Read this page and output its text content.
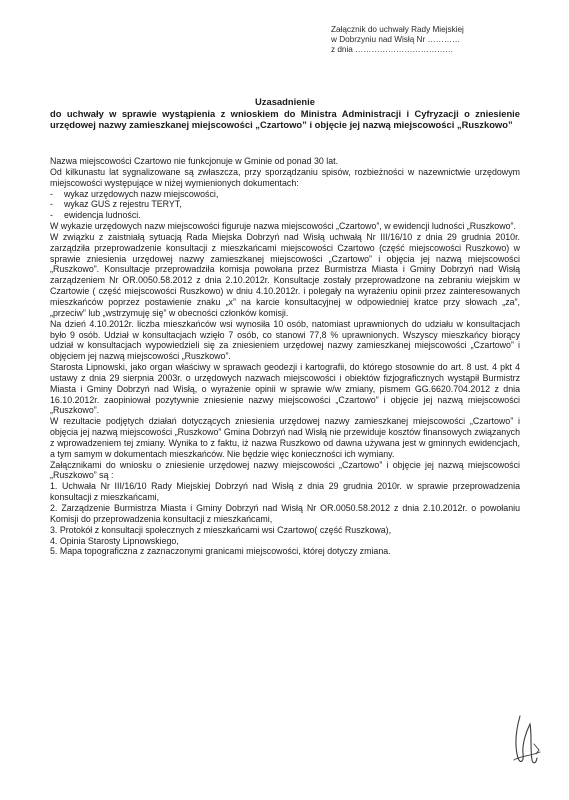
Załącznik do uchwały Rady Miejskiej
w Dobrzyniu nad Wisłą Nr …………
z dnia ………………………………
Uzasadnienie
do uchwały w sprawie wystąpienia z wnioskiem do Ministra Administracji i Cyfryzacji o zniesienie urzędowej nazwy zamieszkanej miejscowości „Czartowo” i objęcie jej nazwą miejscowości „Ruszkowo”

Nazwa miejscowości Czartowo nie funkcjonuje w Gminie od ponad 30 lat.

Od kilkunastu lat sygnalizowane są zwłaszcza, przy sporządzaniu spisów, rozbieżności w nazewnictwie urzędowym miejscowości występujące w niżej wymienionych dokumentach:

-	wykaz urzędowych nazw miejscowości,
-	wykaz GUS z rejestru TERYT,
-	ewidencja ludności.

W wykazie urzędowych nazw miejscowości figuruje nazwa miejscowości „Czartowo”, w ewidencji ludności „Ruszkowo”.

W związku z zaistniałą sytuacją Rada Miejska Dobrzyń nad Wisłą uchwałą Nr III/16/10 z dnia 29 grudnia 2010r. zarządziła przeprowadzenie konsultacji z mieszkańcami miejscowości Czartowo (część miejscowości Ruszkowo) w sprawie zniesienia urzędowej nazwy zamieszkanej miejscowości „Czartowo” i objęcia jej nazwą miejscowości „Ruszkowo”. Konsultacje przeprowadziła komisja powołana przez Burmistrza Miasta i Gminy Dobrzyń nad Wisłą zarządzeniem Nr OR.0050.58.2012 z dnia 2.10.2012r. Konsultacje zostały przeprowadzone na zebraniu wiejskim w Czartowie ( część miejscowości Ruszkowo) w dniu 4.10.2012r. i polegały na wyrażeniu opinii przez zainteresowanych mieszkańców poprzez postawienie znaku „x” na karcie konsultacyjnej w odpowiedniej kratce przy słowach „za”, „przeciw” lub „wstrzymuję się” w obecności członków komisji.

Na dzień 4.10.2012r. liczba mieszkańców wsi wynosiła 10 osób, natomiast uprawnionych do udziału w konsultacjach było 9 osób. Udział w konsultacjach wzięło 7 osób, co stanowi 77,8 % uprawnionych. Wszyscy mieszkańcy biorący udział w konsultacjach wypowiedzieli się za zniesieniem urzędowej nazwy zamieszkanej miejscowości „Czartowo” i objęciem jej nazwą miejscowości „Ruszkowo”.

Starosta Lipnowski, jako organ właściwy w sprawach geodezji i kartografii, do którego stosownie do art. 8 ust. 4 pkt 4 ustawy z dnia 29 sierpnia 2003r. o urzędowych nazwach miejscowości i obiektów fizjograficznych wystąpił Burmistrz Miasta i Gminy Dobrzyń nad Wisłą, o wyrażenie opinii w sprawie w/w zmiany, pismem GG.6620.704.2012 z dnia 16.10.2012r. zaopiniował pozytywnie zniesienie nazwy miejscowości „Czartowo” i objęcie jej nazwą miejscowości „Ruszkowo”.

W rezultacie podjętych działań dotyczących zniesienia urzędowej nazwy zamieszkanej miejscowości „Czartowo” i objęcia jej nazwą miejscowości „Ruszkowo” Gmina Dobrzyń nad Wisłą nie przewiduje kosztów finansowych związanych z wprowadzeniem tej zmiany. Wynika to z faktu, iż nazwa Ruszkowo od dawna używana jest w gminnych ewidencjach, a tym samym w dokumentach mieszkańców. Nie będzie więc konieczności ich wymiany.

Załącznikami do wniosku o zniesienie urzędowej nazwy miejscowości „Czartowo” i objęcie jej nazwą miejscowości „Ruszkowo” są :

1. Uchwała Nr III/16/10 Rady Miejskiej Dobrzyń nad Wisłą z dnia 29 grudnia 2010r. w sprawie przeprowadzenia konsultacji z mieszkańcami,

2. Zarządzenie Burmistrza Miasta i Gminy Dobrzyń nad Wisłą Nr OR.0050.58.2012 z dnia 2.10.2012r. o powołaniu Komisji do przeprowadzenia konsultacji z mieszkańcami,

3. Protokół z konsultacji społecznych z mieszkańcami wsi Czartowo( część Ruszkowa),

4. Opinia Starosty Lipnowskiego,

5. Mapa topograficzna z zaznaczonymi granicami miejscowości, której dotyczy zmiana.
